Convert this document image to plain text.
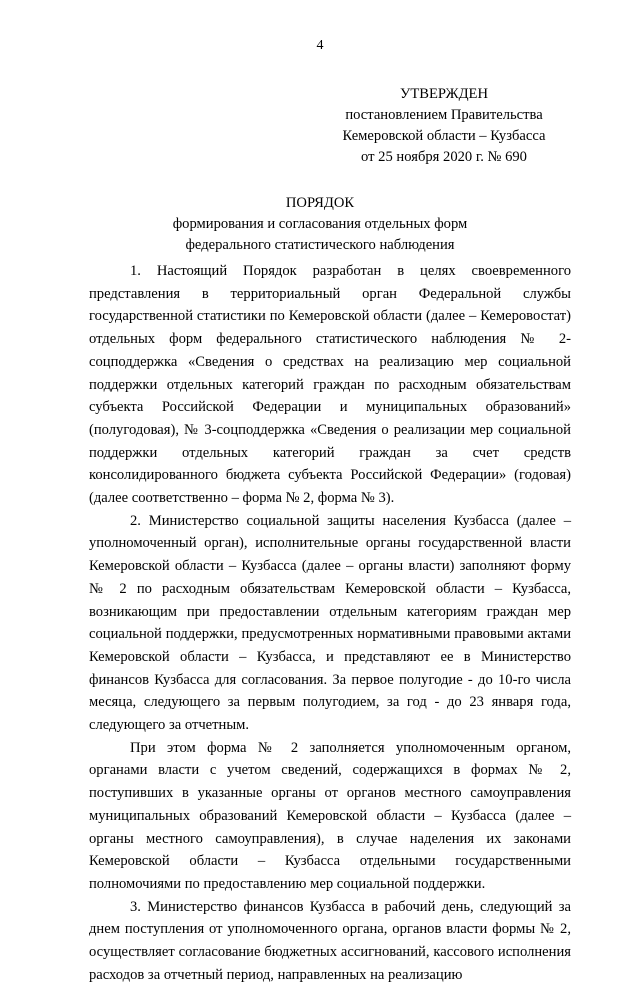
4
УТВЕРЖДЕН
постановлением Правительства
Кемеровской области – Кузбасса
от 25 ноября 2020 г. № 690
ПОРЯДОК
формирования и согласования отдельных форм
федерального статистического наблюдения

1. Настоящий Порядок разработан в целях своевременного представления в территориальный орган Федеральной службы государственной статистики по Кемеровской области (далее – Кемеровостат) отдельных форм федерального статистического наблюдения № 2-соцподдержка «Сведения о средствах на реализацию мер социальной поддержки отдельных категорий граждан по расходным обязательствам субъекта Российской Федерации и муниципальных образований» (полугодовая), № 3-соцподдержка «Сведения о реализации мер социальной поддержки отдельных категорий граждан за счет средств консолидированного бюджета субъекта Российской Федерации» (годовая) (далее соответственно – форма № 2, форма № 3).

2. Министерство социальной защиты населения Кузбасса (далее – уполномоченный орган), исполнительные органы государственной власти Кемеровской области – Кузбасса (далее – органы власти) заполняют форму № 2 по расходным обязательствам Кемеровской области – Кузбасса, возникающим при предоставлении отдельным категориям граждан мер социальной поддержки, предусмотренных нормативными правовыми актами Кемеровской области – Кузбасса, и представляют ее в Министерство финансов Кузбасса для согласования. За первое полугодие - до 10-го числа месяца, следующего за первым полугодием, за год - до 23 января года, следующего за отчетным.

При этом форма № 2 заполняется уполномоченным органом, органами власти с учетом сведений, содержащихся в формах № 2, поступивших в указанные органы от органов местного самоуправления муниципальных образований Кемеровской области – Кузбасса (далее – органы местного самоуправления), в случае наделения их законами Кемеровской области – Кузбасса отдельными государственными полномочиями по предоставлению мер социальной поддержки.

3. Министерство финансов Кузбасса в рабочий день, следующий за днем поступления от уполномоченного органа, органов власти формы № 2, осуществляет согласование бюджетных ассигнований, кассового исполнения расходов за отчетный период, направленных на реализацию
